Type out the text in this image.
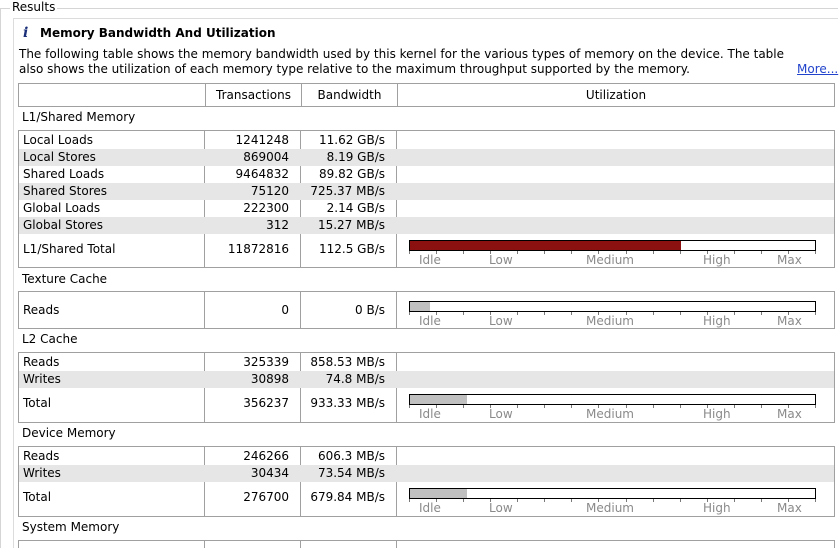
Results
i Memory Bandwidth And Utilization
The following table shows the memory bandwidth used by this kernel for the various types of memory on the device. The table also shows the utilization of each memory type relative to the maximum throughput supported by the memory.	More...
Transactions	Bandwidth	Utilization
L1/Shared Memory
Local Loads	1241248	11.62 GB/s
Local Stores	869004	8.19 GB/s
Shared Loads	9464832	89.82 GB/s
Shared Stores	75120	725.37 MB/s
Global Loads	222300	2.14 GB/s
Global Stores	312	15.27 MB/s
L1/Shared Total	11872816	112.5 GB/s
Idle	Low	Medium	High	Max
Texture Cache
Reads	0	0 B/s
Idle	Low	Medium	High	Max
L2 Cache
Reads	325339	858.53 MB/s
Writes	30898	74.8 MB/s
Total	356237	933.33 MB/s
Idle	Low	Medium	High	Max
Device Memory
Reads	246266	606.3 MB/s
Writes	30434	73.54 MB/s
Total	276700	679.84 MB/s
Idle	Low	Medium	High	Max
System Memory
